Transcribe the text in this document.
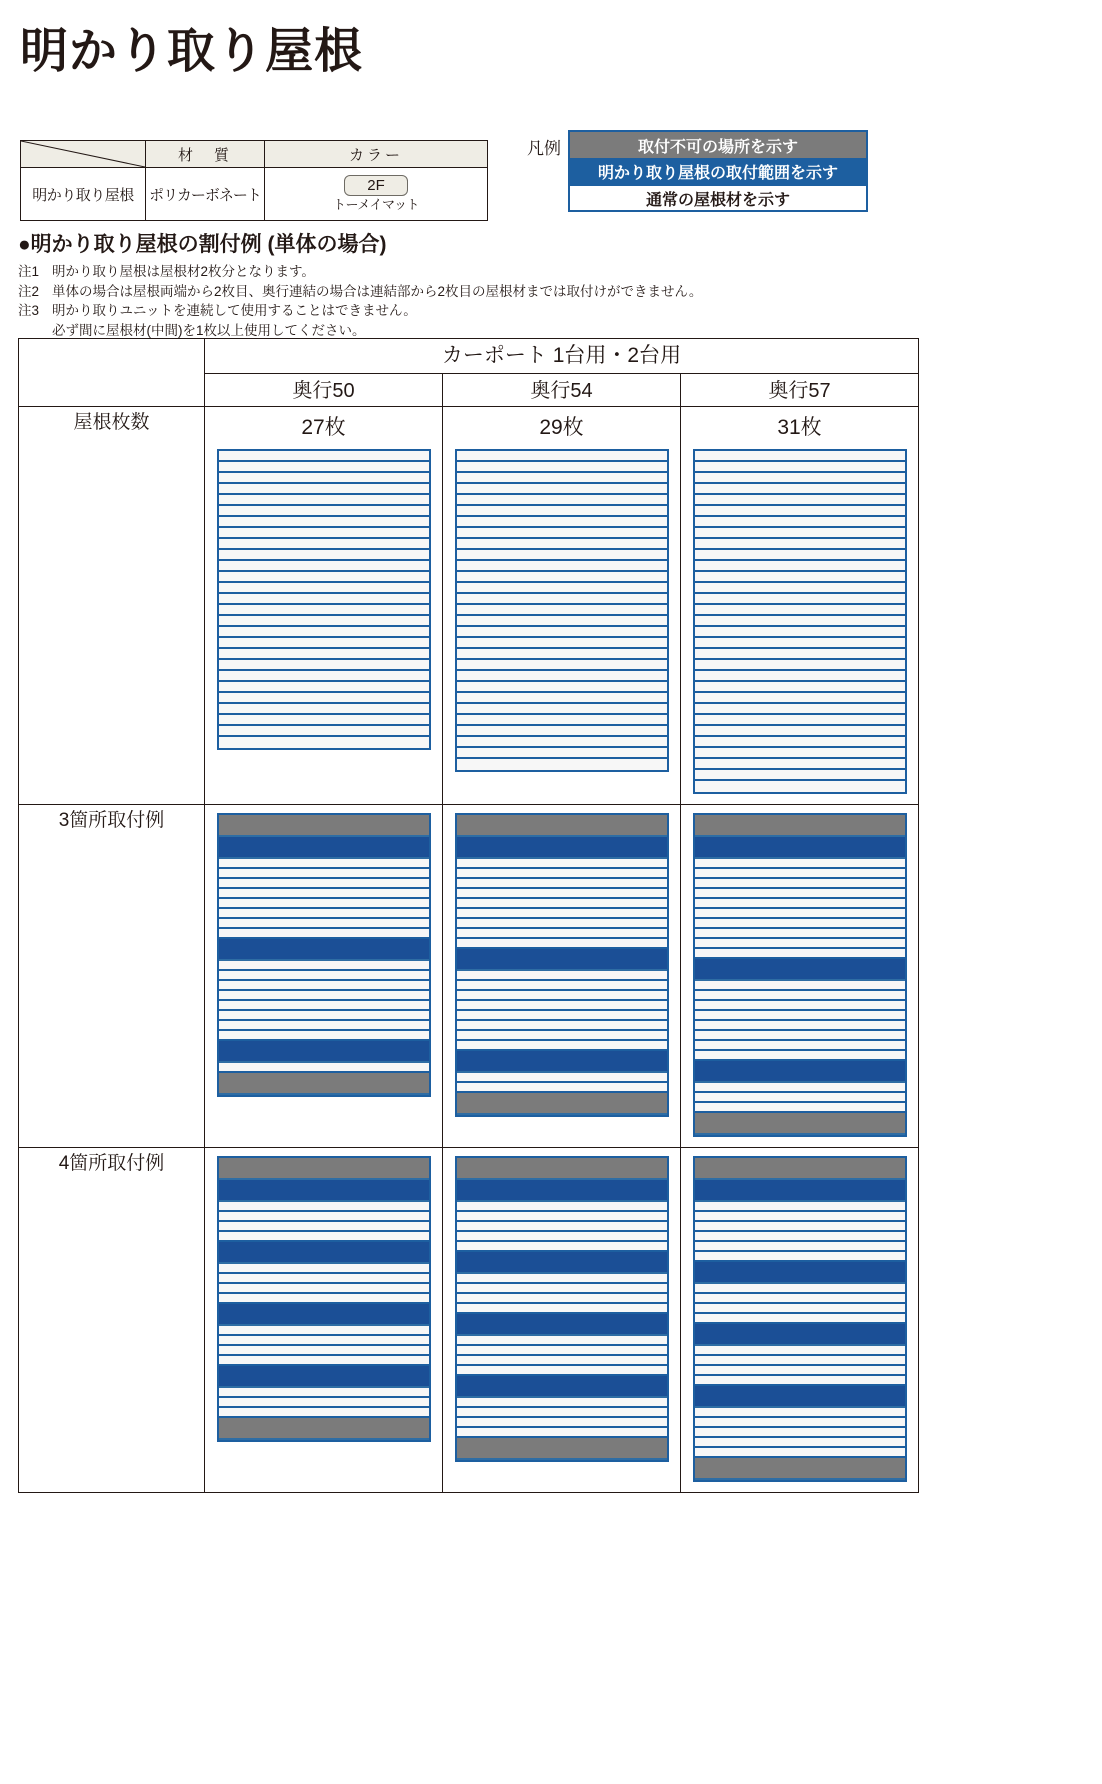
明かり取り屋根
	材　質	カラー
明かり取り屋根	ポリカーボネート	2F
トーメイマット
凡例	取付不可の場所を示す
明かり取り屋根の取付範囲を示す
通常の屋根材を示す
●明かり取り屋根の割付例 (単体の場合)
注1 明かり取り屋根は屋根材2枚分となります。
注2 単体の場合は屋根両端から2枚目、奥行連結の場合は連結部から2枚目の屋根材までは取付けができません。
注3 明かり取りユニットを連続して使用することはできません。
必ず間に屋根材(中間)を1枚以上使用してください。
	カーポート 1台用・2台用		
	奥行50	奥行54	奥行57
屋根枚数	27枚	29枚	31枚

3箇所取付例	

4箇所取付例	
